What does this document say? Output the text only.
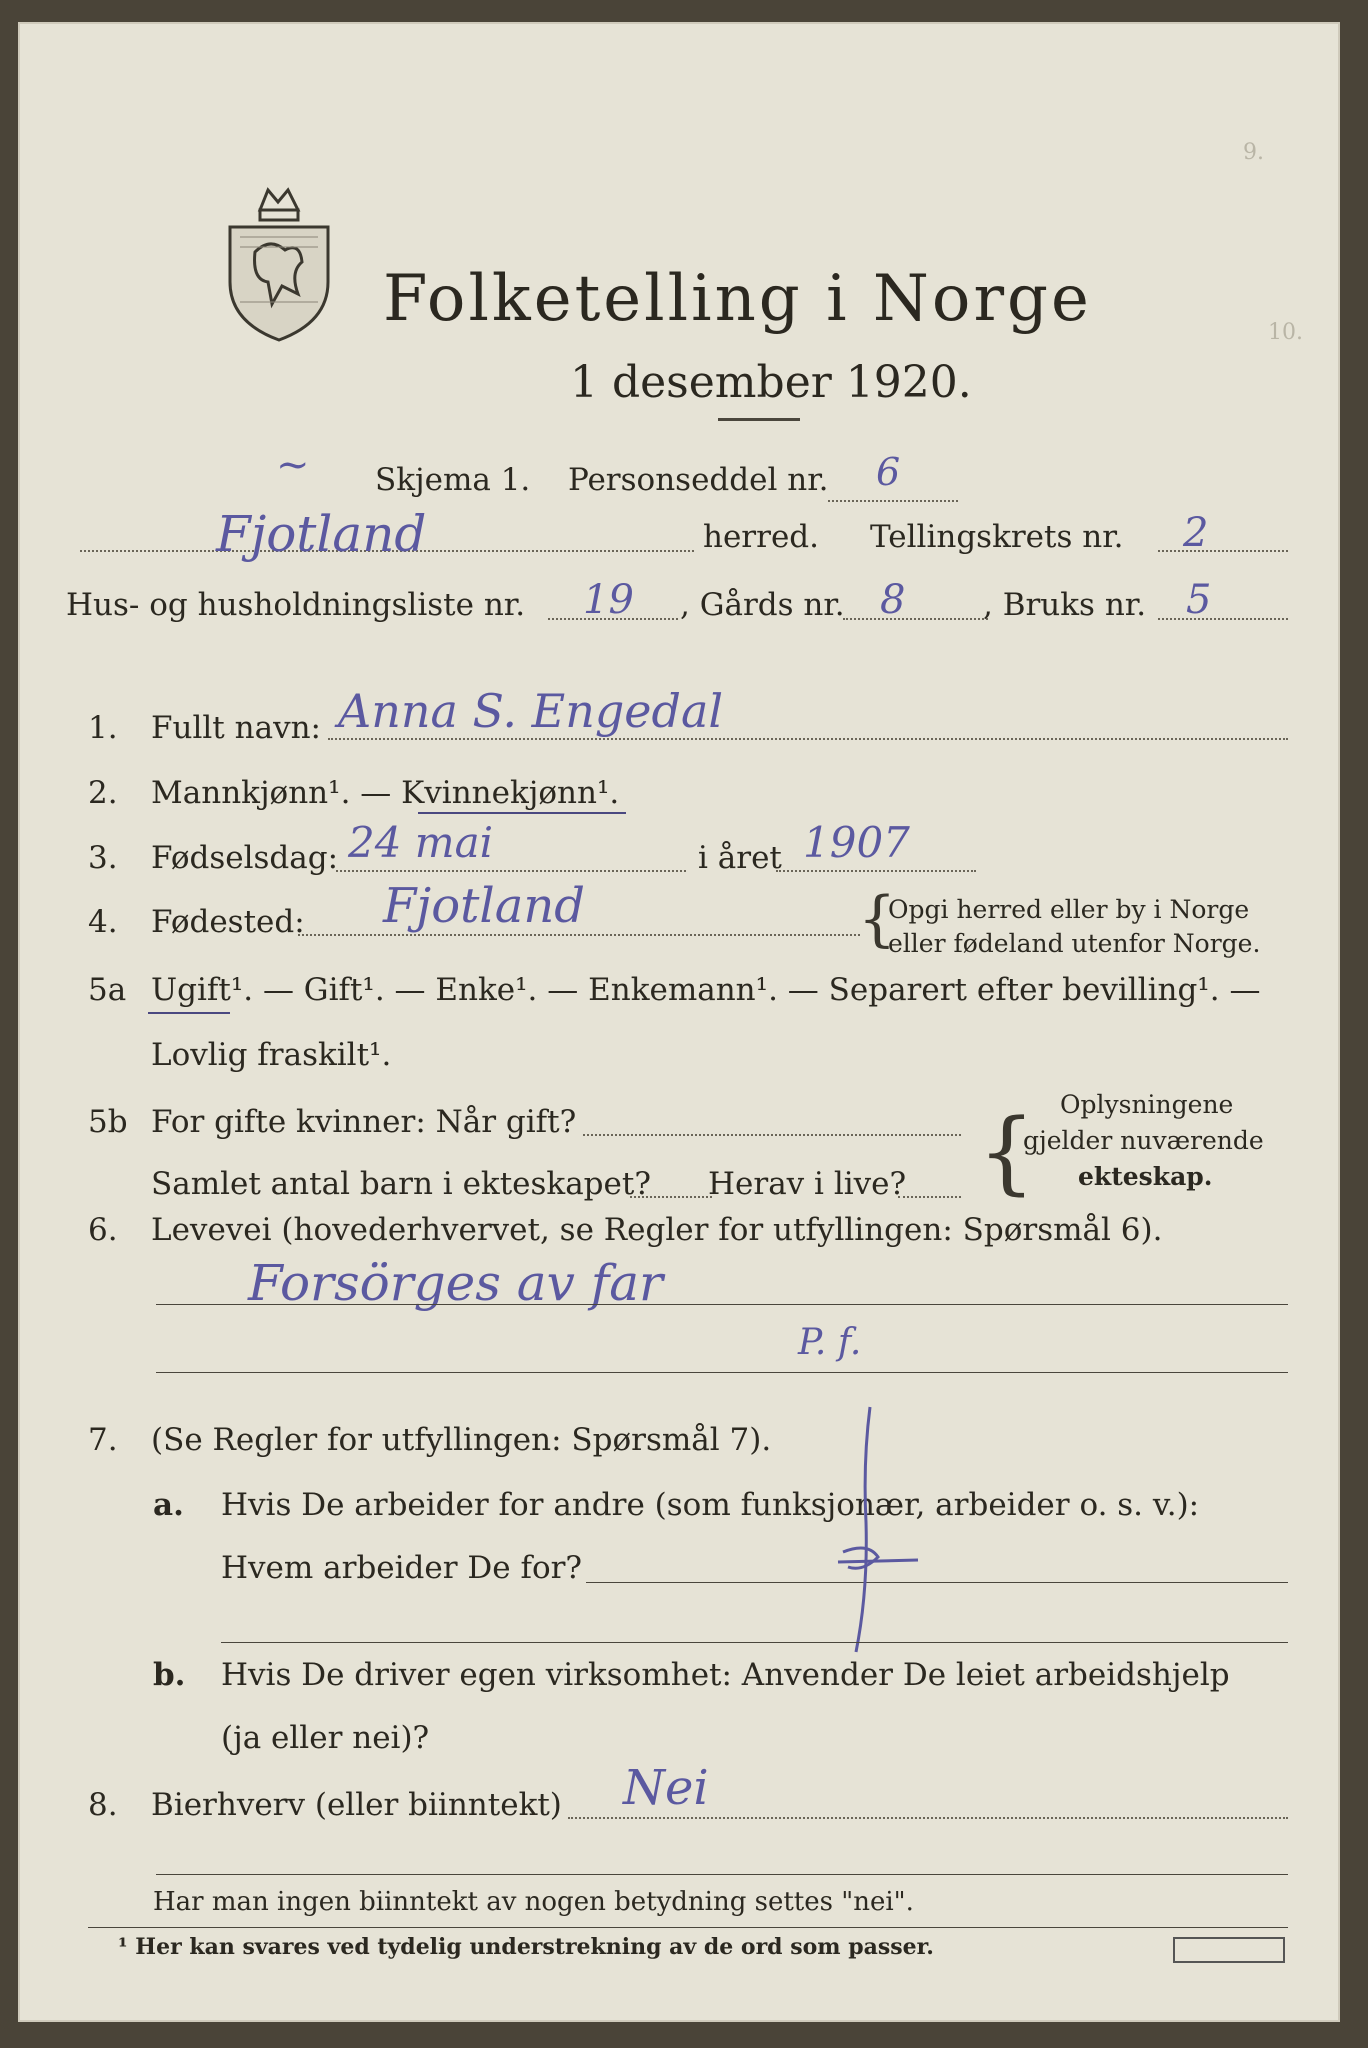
9.
10.
Folketelling i Norge
1 desember 1920.
~ Skjema 1. Personseddel nr. 6
Fjotland	herred. Tellingskrets nr. 2
Hus- og husholdningsliste nr. 19 , Gårds nr. 8	, Bruks nr. 5
1. Fullt navn: Anna S. Engedal
2. Mannkjønn¹. — Kvinnekjønn¹.
3. Fødselsdag: 24 mai	i året 1907
4. Fødested: Fjotland	{
Opgi herred eller by i Norge
eller fødeland utenfor Norge.
5a Ugift¹. — Gift¹. — Enke¹. — Enkemann¹. — Separert efter bevilling¹. —
Lovlig fraskilt¹.
5b For gifte kvinner: Når gift?
Samlet antal barn i ekteskapet? Herav i live? { Oplysningene
gjelder nuværende
ekteskap.
6. Levevei (hovederhvervet, se Regler for utfyllingen: Spørsmål 6).
Forsörges av far
P. f.
7. (Se Regler for utfyllingen: Spørsmål 7).
a. Hvis De arbeider for andre (som funksjonær, arbeider o. s. v.):
Hvem arbeider De for?
b. Hvis De driver egen virksomhet: Anvender De leiet arbeidshjelp
(ja eller nei)?
8. Bierhverv (eller biinntekt) Nei
Har man ingen biinntekt av nogen betydning settes "nei".
¹ Her kan svares ved tydelig understrekning av de ord som passer.
